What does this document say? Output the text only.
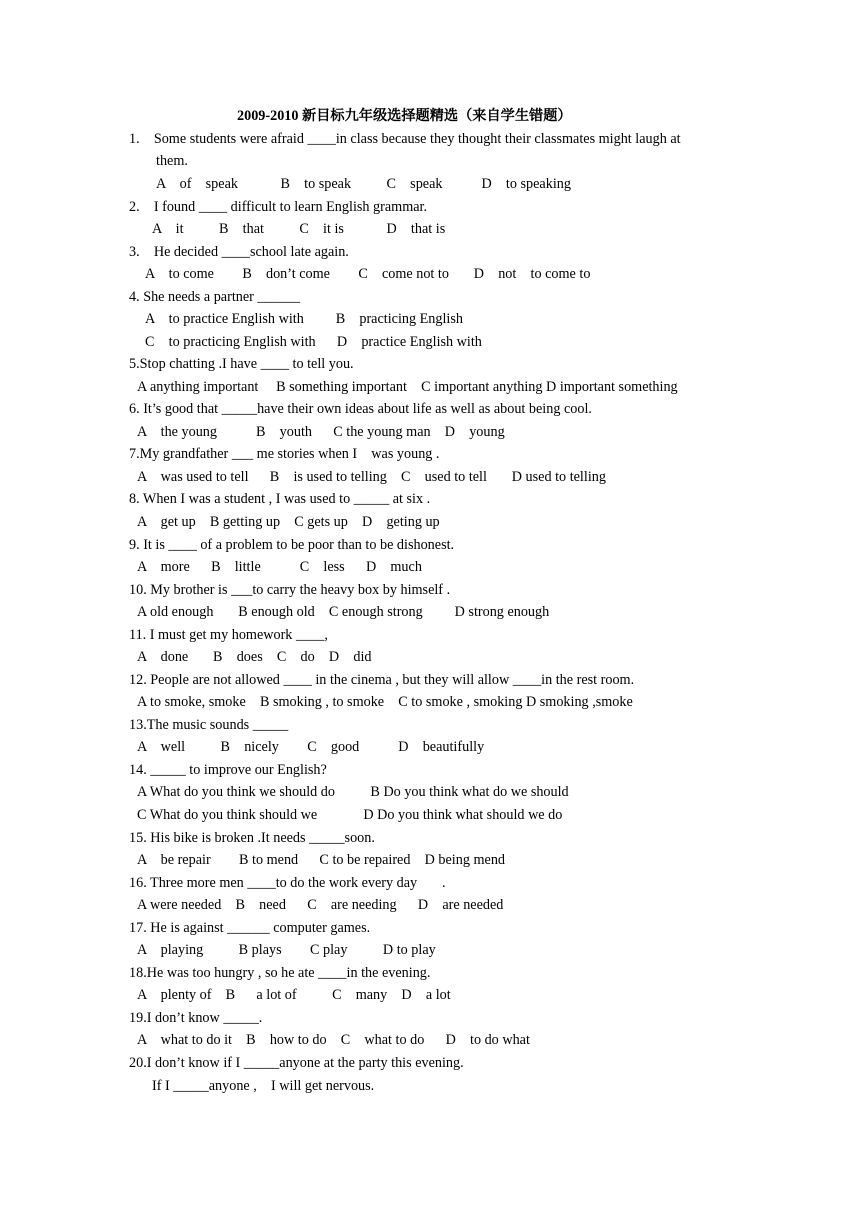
2009-2010 新目标九年级选择题精选（来自学生错题）
1.    Some students were afraid ____in class because they thought their classmates might laugh at
them.
A    of    speak            B    to speak          C    speak           D    to speaking
2.    I found ____ difficult to learn English grammar.
A    it          B    that          C    it is            D    that is
3.    He decided ____school late again.
A    to come        B    don’t come        C    come not to       D    not    to come to
4. She needs a partner ______
A    to practice English with         B    practicing English
C    to practicing English with      D    practice English with
5.Stop chatting .I have ____ to tell you.
A anything important     B something important    C important anything D important something
6. It’s good that _____have their own ideas about life as well as about being cool.
A    the young           B    youth      C the young man    D    young
7.My grandfather ___ me stories when I    was young .
A    was used to tell      B    is used to telling    C    used to tell       D used to telling
8. When I was a student , I was used to _____ at six .
A    get up    B getting up    C gets up    D    geting up
9. It is ____ of a problem to be poor than to be dishonest.
A    more      B    little           C    less      D    much
10. My brother is ___to carry the heavy box by himself .
A old enough       B enough old    C enough strong         D strong enough
11. I must get my homework ____,
A    done       B    does    C    do    D    did
12. People are not allowed ____ in the cinema , but they will allow ____in the rest room.
A to smoke, smoke    B smoking , to smoke    C to smoke , smoking D smoking ,smoke
13.The music sounds _____
A    well          B    nicely        C    good           D    beautifully
14. _____ to improve our English?
A What do you think we should do          B Do you think what do we should
C What do you think should we             D Do you think what should we do
15. His bike is broken .It needs _____soon.
A    be repair        B to mend      C to be repaired    D being mend
16. Three more men ____to do the work every day       .
A were needed    B    need      C    are needing      D    are needed
17. He is against ______ computer games.
A    playing          B plays        C play          D to play
18.He was too hungry , so he ate ____in the evening.
A    plenty of    B      a lot of          C    many    D    a lot
19.I don’t know _____.
A    what to do it    B    how to do    C    what to do      D    to do what
20.I don’t know if I _____anyone at the party this evening.
If I _____anyone ,    I will get nervous.
